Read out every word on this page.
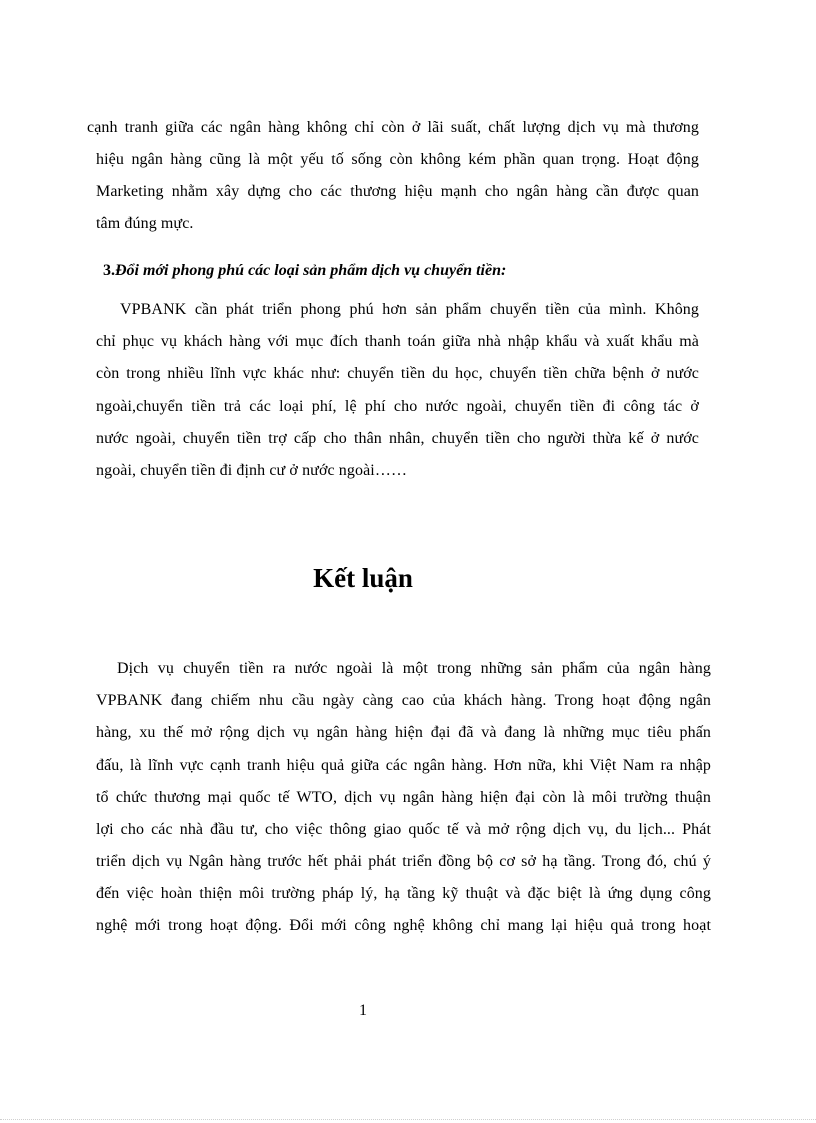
cạnh tranh giữa các ngân hàng không chỉ còn ở lãi suất, chất lượng dịch vụ mà thương
hiệu ngân hàng cũng là một yếu tố sống còn không kém phần quan trọng. Hoạt động
Marketing nhằm xây dựng cho các thương hiệu mạnh cho ngân hàng cần được quan
tâm đúng mực.
3.Đổi mới phong phú các loại sản phẩm dịch vụ chuyển tiền:
VPBANK cần phát triển phong phú hơn sản phẩm chuyển tiền của mình. Không
chỉ phục vụ khách hàng với mục đích thanh toán giữa nhà nhập khẩu và xuất khẩu mà
còn trong nhiều lĩnh vực khác như: chuyển tiền du học, chuyển tiền chữa bệnh ở nước
ngoài,chuyển tiền trả các loại phí, lệ phí cho nước ngoài, chuyển tiền đi công tác ở
nước ngoài, chuyển tiền trợ cấp cho thân nhân, chuyển tiền cho người thừa kế ở nước
ngoài, chuyển tiền đi định cư ở nước ngoài……
Kết luận
Dịch vụ chuyển tiền ra nước ngoài là một trong những sản phẩm của ngân hàng
VPBANK đang chiếm nhu cầu ngày càng cao của khách hàng. Trong hoạt động ngân
hàng, xu thế mở rộng dịch vụ ngân hàng hiện đại đã và đang là những mục tiêu phấn
đấu, là lĩnh vực cạnh tranh hiệu quả giữa các ngân hàng. Hơn nữa, khi Việt Nam ra nhập
tổ chức thương mại quốc tế WTO, dịch vụ ngân hàng hiện đại còn là môi trường thuận
lợi cho các nhà đầu tư, cho việc thông giao quốc tế và mở rộng dịch vụ, du lịch... Phát
triển dịch vụ Ngân hàng trước hết phải phát triển đồng bộ cơ sở hạ tầng. Trong đó, chú ý
đến việc hoàn thiện môi trường pháp lý, hạ tầng kỹ thuật và đặc biệt là ứng dụng công
nghệ mới trong hoạt động. Đổi mới công nghệ không chỉ mang lại hiệu quả trong hoạt
1
